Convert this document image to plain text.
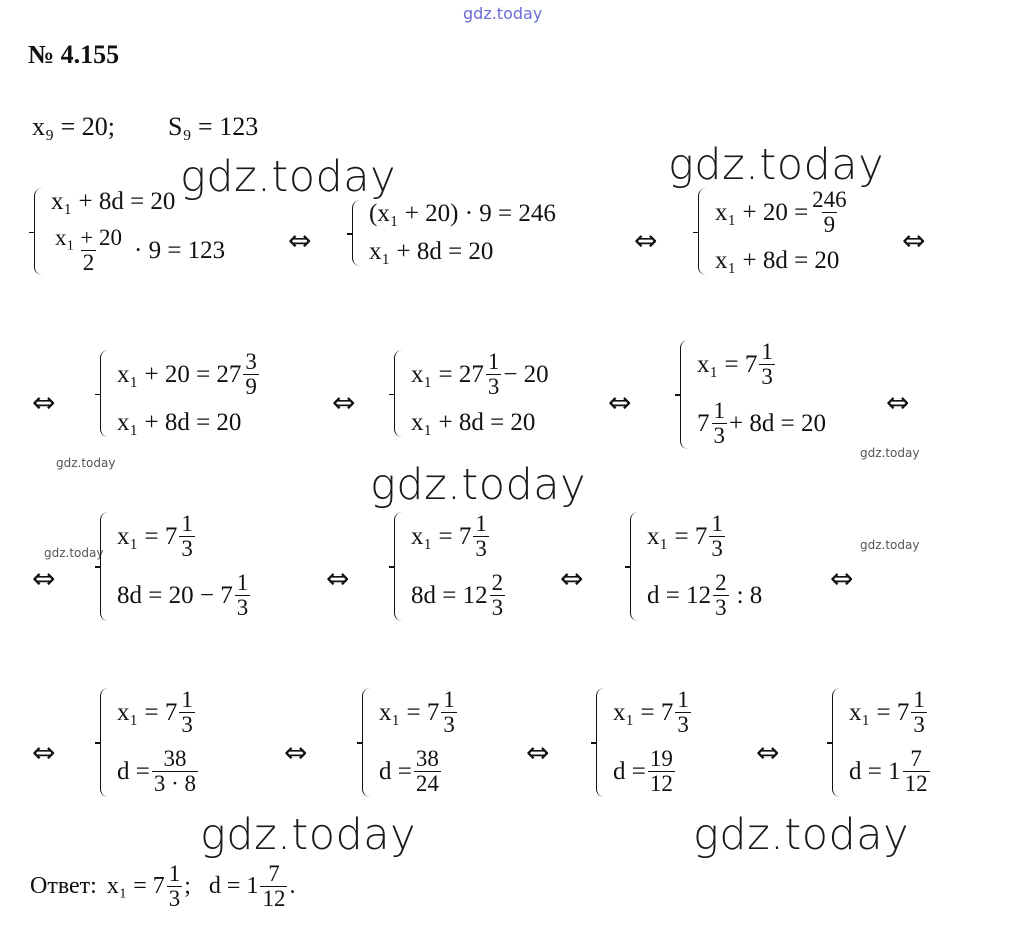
gdz.today
gdz.today	gdz.today
gdz.today
gdz.today	gdz.today
gdz.today
gdz.today
gdz.today
gdz.today
№ 4.155
x₉ = 20; S₉ = 123
x₁ + 8d = 20
$\frac{\text{x₁ + 20}}{2} \cdot 9 = 123$ ⇔
(x₁ + 20) · 9 = 246
x₁ + 8d = 20	⇔
$x_1 + 20 = \frac{246}{9}$
x₁ + 8d = 20
⇔
⇔
$x_1 + 20 = 27 \frac{3}{9}$
x₁ + 8d = 20
⇔
$x_1 = 27 \frac{1}{3} - 20$
x₁ + 8d = 20
⇔
$x_1 = 7 \frac{1}{3}$
$7 \frac{1}{3} + 8d = 20$
⇔
⇔
$x_1 = 7 \frac{1}{3}$
$8d = 20 - 7 \frac{1}{3}$	⇔
$x_1 = 7 \frac{1}{3}$
$8d = 12 \frac{2}{3}$ ⇔
$x_1 = 7 \frac{1}{3}$
$d = 12 \frac{2}{3}$ : 8
⇔
⇔
$x_1 = 7 \frac{1}{3}$
$d = \frac{38}{3 \cdot 8}$	⇔
$x_1 = 7 \frac{1}{3}$
$d = \frac{38}{24}$	⇔
$x_1 = 7 \frac{1}{3}$
$d = \frac{19}{12}$	⇔
$x_1 = 7 \frac{1}{3}$
$d = 1 \frac{7}{12}$
Ответ: $x_1 = 7 \frac{1}{3}$ ; $d = 1 \frac{7}{12}$ .
